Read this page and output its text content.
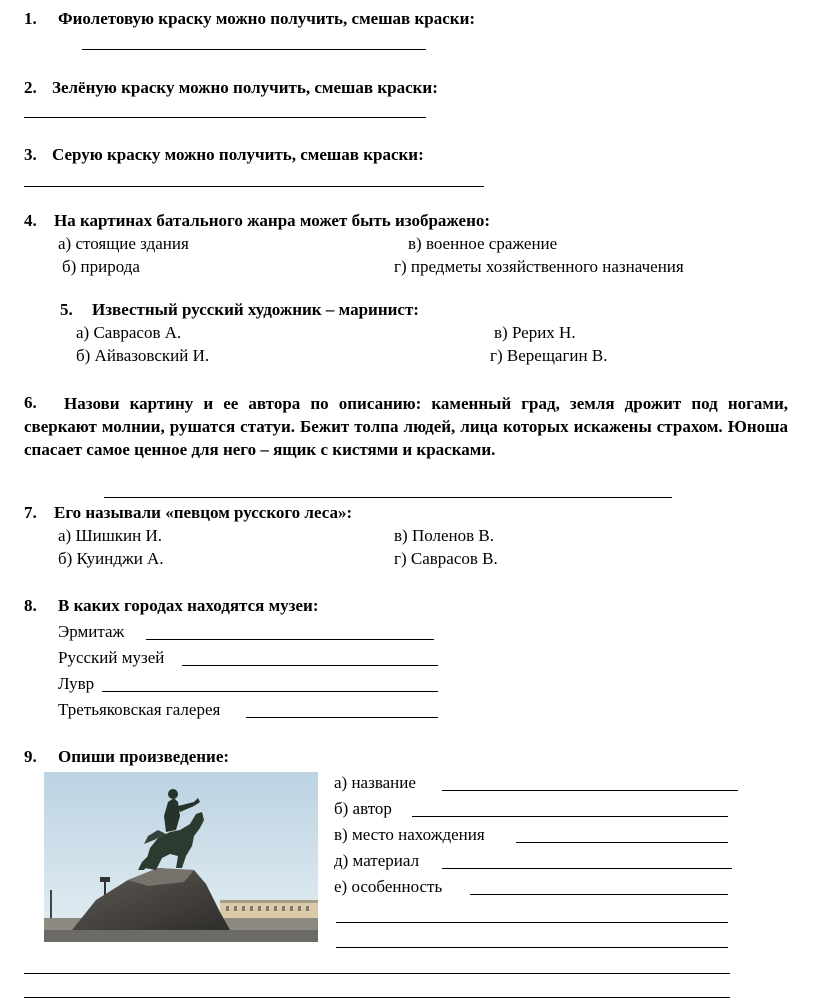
1. Фиолетовую краску можно получить, смешав краски:
2. Зелёную краску можно получить, смешав краски:
3. Серую краску можно получить, смешав краски:
4. На картинах батального жанра может быть изображено:
а) стоящие здания	в) военное сражение
б) природа	г) предметы хозяйственного назначения
5. Известный русский художник – маринист:
а) Саврасов А.	в) Рерих Н.
б) Айвазовский И.	г) Верещагин В.
6.	Назови картину и ее автора по описанию: каменный град, земля дрожит под ногами, сверкают молнии, рушатся статуи. Бежит толпа людей, лица которых искажены страхом. Юноша спасает самое ценное для него – ящик с кистями и красками.
7. Его называли «певцом русского леса»:
а) Шишкин И.	в) Поленов В.
б) Куинджи А.	г) Саврасов В.
8. В каких городах находятся музеи:
Эрмитаж
Русский музей
Лувр
Третьяковская галерея
9. Опиши произведение:
а) название
б) автор
в) место нахождения
д) материал
е) особенность
